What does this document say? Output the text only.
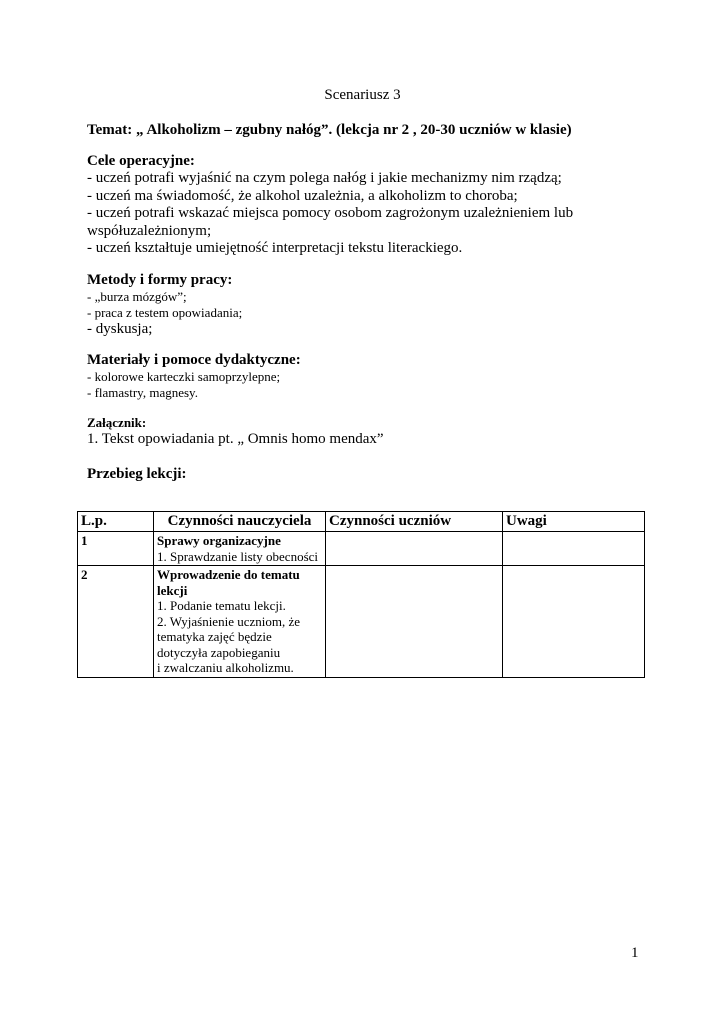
Scenariusz 3
Temat: „ Alkoholizm – zgubny nałóg”. (lekcja nr 2 , 20-30 uczniów w klasie)
Cele operacyjne:
- uczeń potrafi wyjaśnić na czym polega nałóg i jakie mechanizmy nim rządzą;
- uczeń ma świadomość, że alkohol uzależnia, a alkoholizm to choroba;
- uczeń potrafi wskazać miejsca pomocy osobom zagrożonym uzależnieniem lub
współuzależnionym;
- uczeń kształtuje umiejętność interpretacji tekstu literackiego.
Metody i formy pracy:
- „burza mózgów”;
- praca z testem opowiadania;
- dyskusja;
Materiały i pomoce dydaktyczne:
- kolorowe karteczki samoprzylepne;
- flamastry, magnesy.
Załącznik:
1. Tekst opowiadania pt. „ Omnis homo mendax”
Przebieg lekcji:
L.p.	Czynności nauczyciela	Czynności uczniów	Uwagi
1	Sprawy organizacyjne
1. Sprawdzanie listy obecności		

2	Wprowadzenie do tematu lekcji
1. Podanie tematu lekcji.
2. Wyjaśnienie uczniom, że tematyka zajęć będzie dotyczyła zapobieganiu
i zwalczaniu alkoholizmu.		

1
